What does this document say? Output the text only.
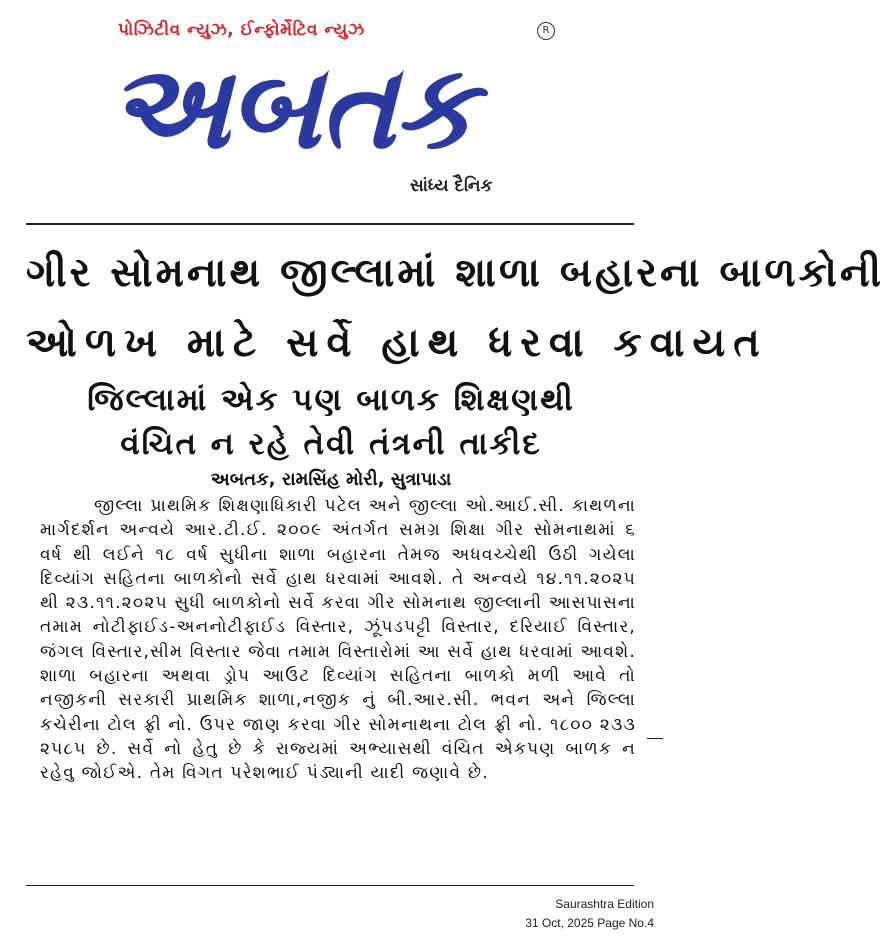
પોઝિટીવ ન્યુઝ, ઈન્ફોર્મેટિવ ન્યુઝ	R
અબતક
સાંધ્ય દૈનિક
ગીર સોમનાથ જીલ્લામાં શાળા બહારના બાળકોની
ઓળખ માટે સર્વે હાથ ધરવા કવાયત
જિલ્લામાં એક પણ બાળક શિક્ષણથી
વંચિત ન રહે તેવી તંત્રની તાકીદ
અબતક, રામસિંહ મોરી, સુત્રાપાડા

જીલ્લા પ્રાથમિક શિક્ષણાધિકારી પટેલ અને જીલ્લા ઓ.આઈ.સી. કાથળના માર્ગદર્શન અન્વયે આર.ટી.ઈ. ૨૦૦૯ અંતર્ગત સમગ્ર શિક્ષા ગીર સોમનાથમાં ૬ વર્ષ થી લઈને ૧૮ વર્ષ સુધીના શાળા બહારના તેમજ અધવચ્ચેથી ઉઠી ગયેલા દિવ્યાંગ સહિતના બાળકોનો સર્વે હાથ ધરવામાં આવશે. તે અન્વયે ૧૪.૧૧.૨૦૨૫ થી ૨૩.૧૧.૨૦૨૫ સુધી બાળકોનો સર્વે કરવા ગીર સોમનાથ જીલ્લાની આસપાસના તમામ નોટીફાઈડ-અનનોટીફાઈડ વિસ્તાર, ઝૂંપડપટ્ટી વિસ્તાર, દરિયાઈ વિસ્તાર, જંગલ વિસ્તાર,સીમ વિસ્તાર જેવા તમામ વિસ્તારોમાં આ સર્વે હાથ ધરવામાં આવશે. શાળા બહારના અથવા ડ્રોપ આઉટ દિવ્યાંગ સહિતના બાળકો મળી આવે તો નજીકની સરકારી પ્રાથમિક શાળા,નજીક નું બી.આર.સી. ભવન અને જિલ્લા કચેરીના ટોલ ફ્રી નો. ઉપર જાણ કરવા ગીર સોમનાથના ટોલ ફ્રી નો. ૧૮૦૦ ૨૩૩ ૨૫૮૫ છે. સર્વે નો હેતુ છે કે રાજ્યમાં અભ્યાસથી વંચિત એકપણ બાળક ન રહેવુ જોઈએ. તેમ વિગત પરેશભાઈ પંડ્યાની યાદી જણાવે છે.

Saurashtra Edition
31 Oct, 2025 Page No.4
